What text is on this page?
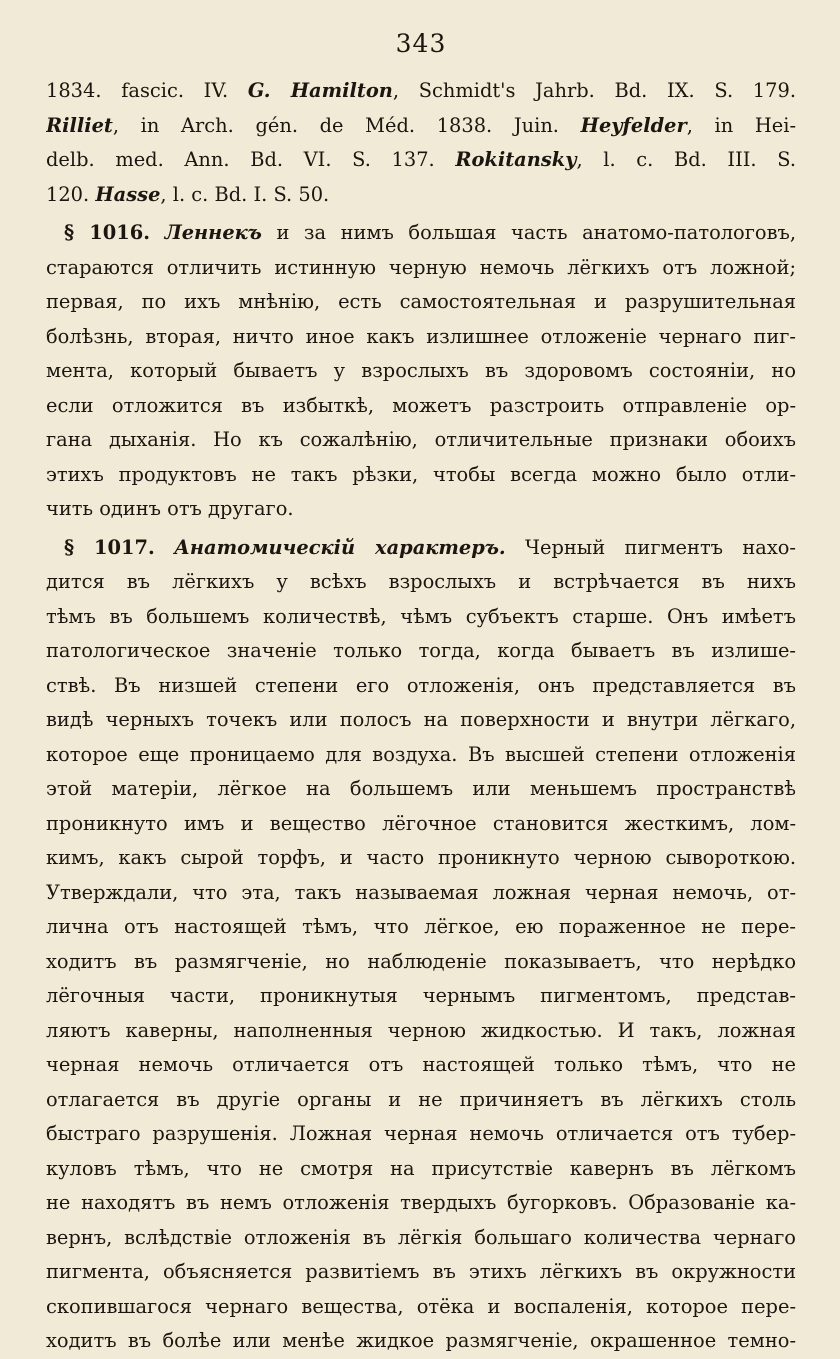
343
1834. fascic. IV. G. Hamilton, Schmidt's Jahrb. Bd. IX. S. 179.
Rilliet, in Arch. gén. de Méd. 1838. Juin. Heyfelder, in Hei-
delb. med. Ann. Bd. VI. S. 137. Rokitansky, l. c. Bd. III. S.
120. Hasse, l. c. Bd. I. S. 50.
§ 1016. Леннекъ и за нимъ большая часть анатомо-патологовъ,
стараются отличить истинную черную немочь лёгкихъ отъ ложной;
первая, по ихъ мнѣнію, есть самостоятельная и разрушительная
болѣзнь, вторая, ничто иное какъ излишнее отложеніе чернаго пиг-
мента, который бываетъ у взрослыхъ въ здоровомъ состояніи, но
если отложится въ избыткѣ, можетъ разстроить отправленіе ор-
гана дыханія. Но къ сожалѣнію, отличительные признаки обоихъ
этихъ продуктовъ не такъ рѣзки, чтобы всегда можно было отли-
чить одинъ отъ другаго.
§ 1017. Анатомическій характеръ. Черный пигментъ нахо-
дится въ лёгкихъ у всѣхъ взрослыхъ и встрѣчается въ нихъ
тѣмъ въ большемъ количествѣ, чѣмъ субъектъ старше. Онъ имѣетъ
патологическое значеніе только тогда, когда бываетъ въ излише-
ствѣ. Въ низшей степени его отложенія, онъ представляется въ
видѣ черныхъ точекъ или полосъ на поверхности и внутри лёгкаго,
которое еще проницаемо для воздуха. Въ высшей степени отложенія
этой матеріи, лёгкое на большемъ или меньшемъ пространствѣ
проникнуто имъ и вещество лёгочное становится жесткимъ, лом-
кимъ, какъ сырой торфъ, и часто проникнуто черною сывороткою.
Утверждали, что эта, такъ называемая ложная черная немочь, от-
лична отъ настоящей тѣмъ, что лёгкое, ею пораженное не пере-
ходитъ въ размягченіе, но наблюденіе показываетъ, что нерѣдко
лёгочныя части, проникнутыя чернымъ пигментомъ, представ-
ляютъ каверны, наполненныя черною жидкостью. И такъ, ложная
черная немочь отличается отъ настоящей только тѣмъ, что не
отлагается въ другіе органы и не причиняетъ въ лёгкихъ столь
быстраго разрушенія. Ложная черная немочь отличается отъ тубер-
куловъ тѣмъ, что не смотря на присутствіе кавернъ въ лёгкомъ
не находятъ въ немъ отложенія твердыхъ бугорковъ. Образованіе ка-
вернъ, вслѣдствіе отложенія въ лёгкія большаго количества чернаго
пигмента, объясняется развитіемъ въ этихъ лёгкихъ въ окружности
скопившагося чернаго вещества, отёка и воспаленія, которое пере-
ходитъ въ болѣе или менѣе жидкое размягченіе, окрашенное темно-
